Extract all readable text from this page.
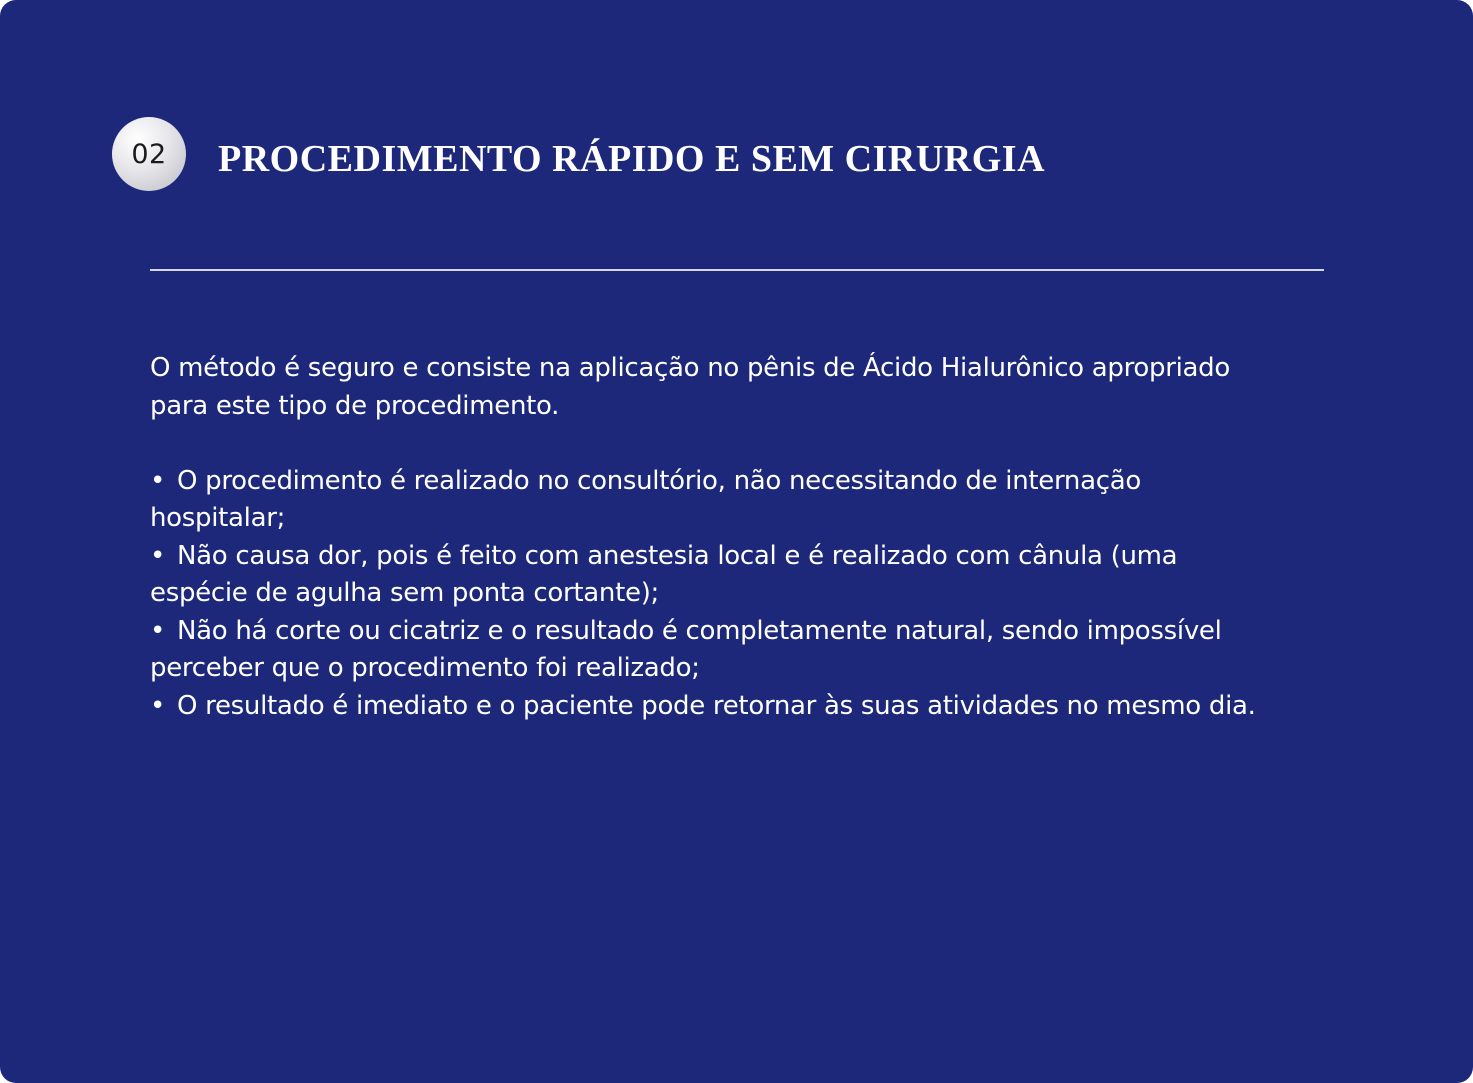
02 PROCEDIMENTO RÁPIDO E SEM CIRURGIA

O método é seguro e consiste na aplicação no pênis de Ácido Hialurônico apropriado para este tipo de procedimento.

• O procedimento é realizado no consultório, não necessitando de internação hospitalar;
• Não causa dor, pois é feito com anestesia local e é realizado com cânula (uma espécie de agulha sem ponta cortante);
• Não há corte ou cicatriz e o resultado é completamente natural, sendo impossível perceber que o procedimento foi realizado;
• O resultado é imediato e o paciente pode retornar às suas atividades no mesmo dia.
